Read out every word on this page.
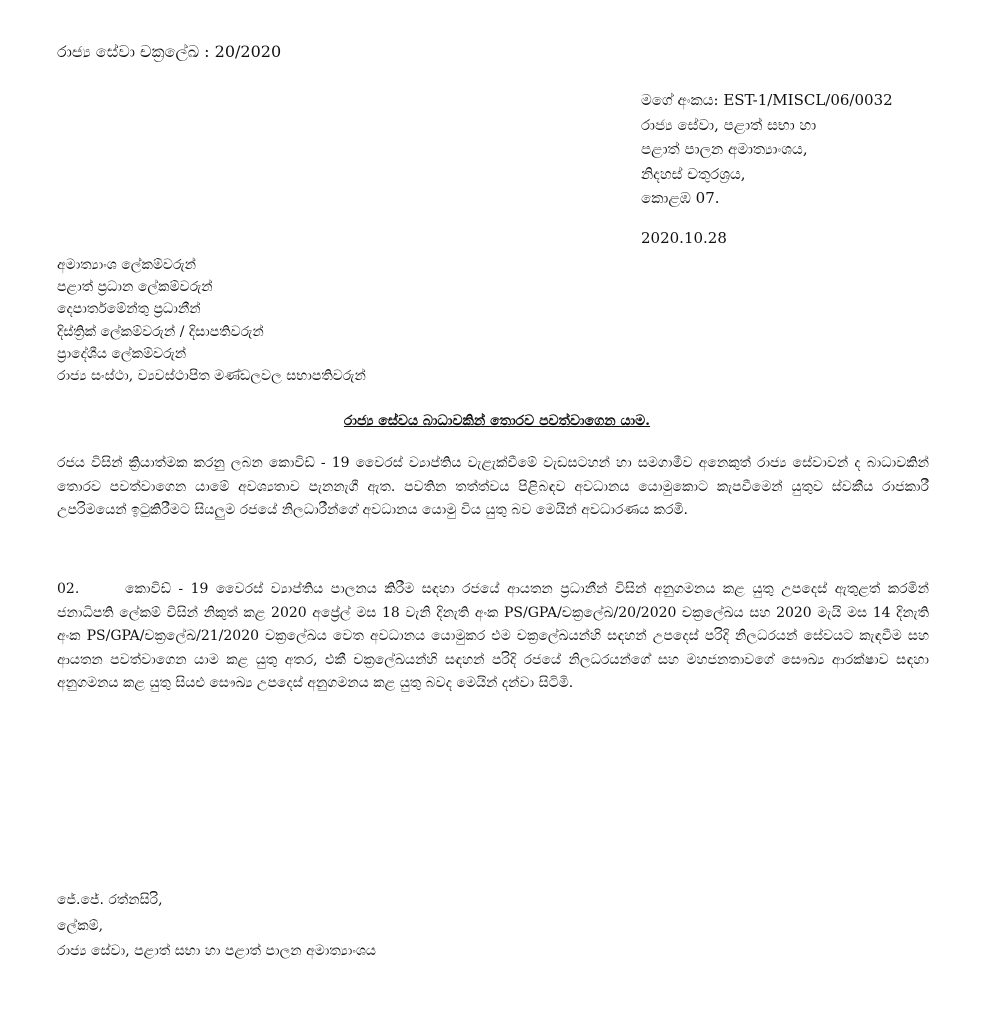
රාජ්‍ය සේවා චක්‍රලේඛ : 20/2020
මගේ අංකය: EST-1/MISCL/06/0032
රාජ්‍ය සේවා, පළාත් සභා හා
පළාත් පාලන අමාත්‍යාංශය,
නිදහස් චතුරශ්‍රය,
කොළඹ 07.
2020.10.28
අමාත්‍යාංශ ලේකම්වරුන්
පළාත් ප්‍රධාන ලේකම්වරුන්
දෙපාර්තමේන්තු ප්‍රධානීන්
දිස්ත්‍රික් ලේකම්වරුන් / දිසාපතිවරුන්
ප්‍රාදේශීය ලේකම්වරුන්
රාජ්‍ය සංස්ථා, ව්‍යවස්ථාපිත මණ්ඩලවල සභාපතිවරුන්
රාජ්‍ය සේවය බාධාවකින් තොරව පවත්වාගෙන යාම.
රජය විසින් ක්‍රියාත්මක කරනු ලබන කොවිඩ් - 19 වෛරස් ව්‍යාප්තිය වැළැක්වීමේ වැඩසටහන් හා සමගාමීව අනෙකුත් රාජ්‍ය සේවාවන් ද බාධාවකින් තොරව පවත්වාගෙන යාමේ අවශ්‍යතාව පැනනැගී ඇත. පවතින තත්ත්වය පිළිබඳව අවධානය යොමුකොට කැපවීමෙන් යුතුව ස්වකීය රාජකාරී උපරිමයෙන් ඉටුකිරීමට සියලුම රජයේ නිලධාරීන්ගේ අවධානය යොමු විය යුතු බව මෙයින් අවධාරණය කරමි.
02.	කොවිඩ් - 19 වෛරස් ව්‍යාප්තිය පාලනය කිරීම සඳහා රජයේ ආයතන ප්‍රධානීන් විසින් අනුගමනය කළ යුතු උපදෙස් ඇතුළත් කරමින් ජනාධිපති ලේකම් විසින් නිකුත් කළ 2020 අප්‍රේල් මස 18 වැනි දිනැති අංක PS/GPA/චක්‍රලේඛ/20/2020 චක්‍රලේඛය සහ 2020 මැයි මස 14 දිනැති අංක PS/GPA/චක්‍රලේඛ/21/2020 චක්‍රලේඛය වෙත අවධානය යොමුකර එම චක්‍රලේඛයන්හි සඳහන් උපදෙස් පරිදි නිලධරයන් සේවයට කැඳවීම සහ ආයතන පවත්වාගෙන යාම කළ යුතු අතර, එකී චක්‍රලේඛයන්හි සඳහන් පරිදි රජයේ නිලධරයන්ගේ සහ මහජනතාවගේ සෞඛ්‍ය ආරක්ෂාව සඳහා අනුගමනය කළ යුතු සියළු සෞඛ්‍ය උපදෙස් අනුගමනය කළ යුතු බවද මෙයින් දන්වා සිටිමි.
ජේ.ජේ. රත්නසිරි,
ලේකම්,
රාජ්‍ය සේවා, පළාත් සභා හා පළාත් පාලන අමාත්‍යාංශය
